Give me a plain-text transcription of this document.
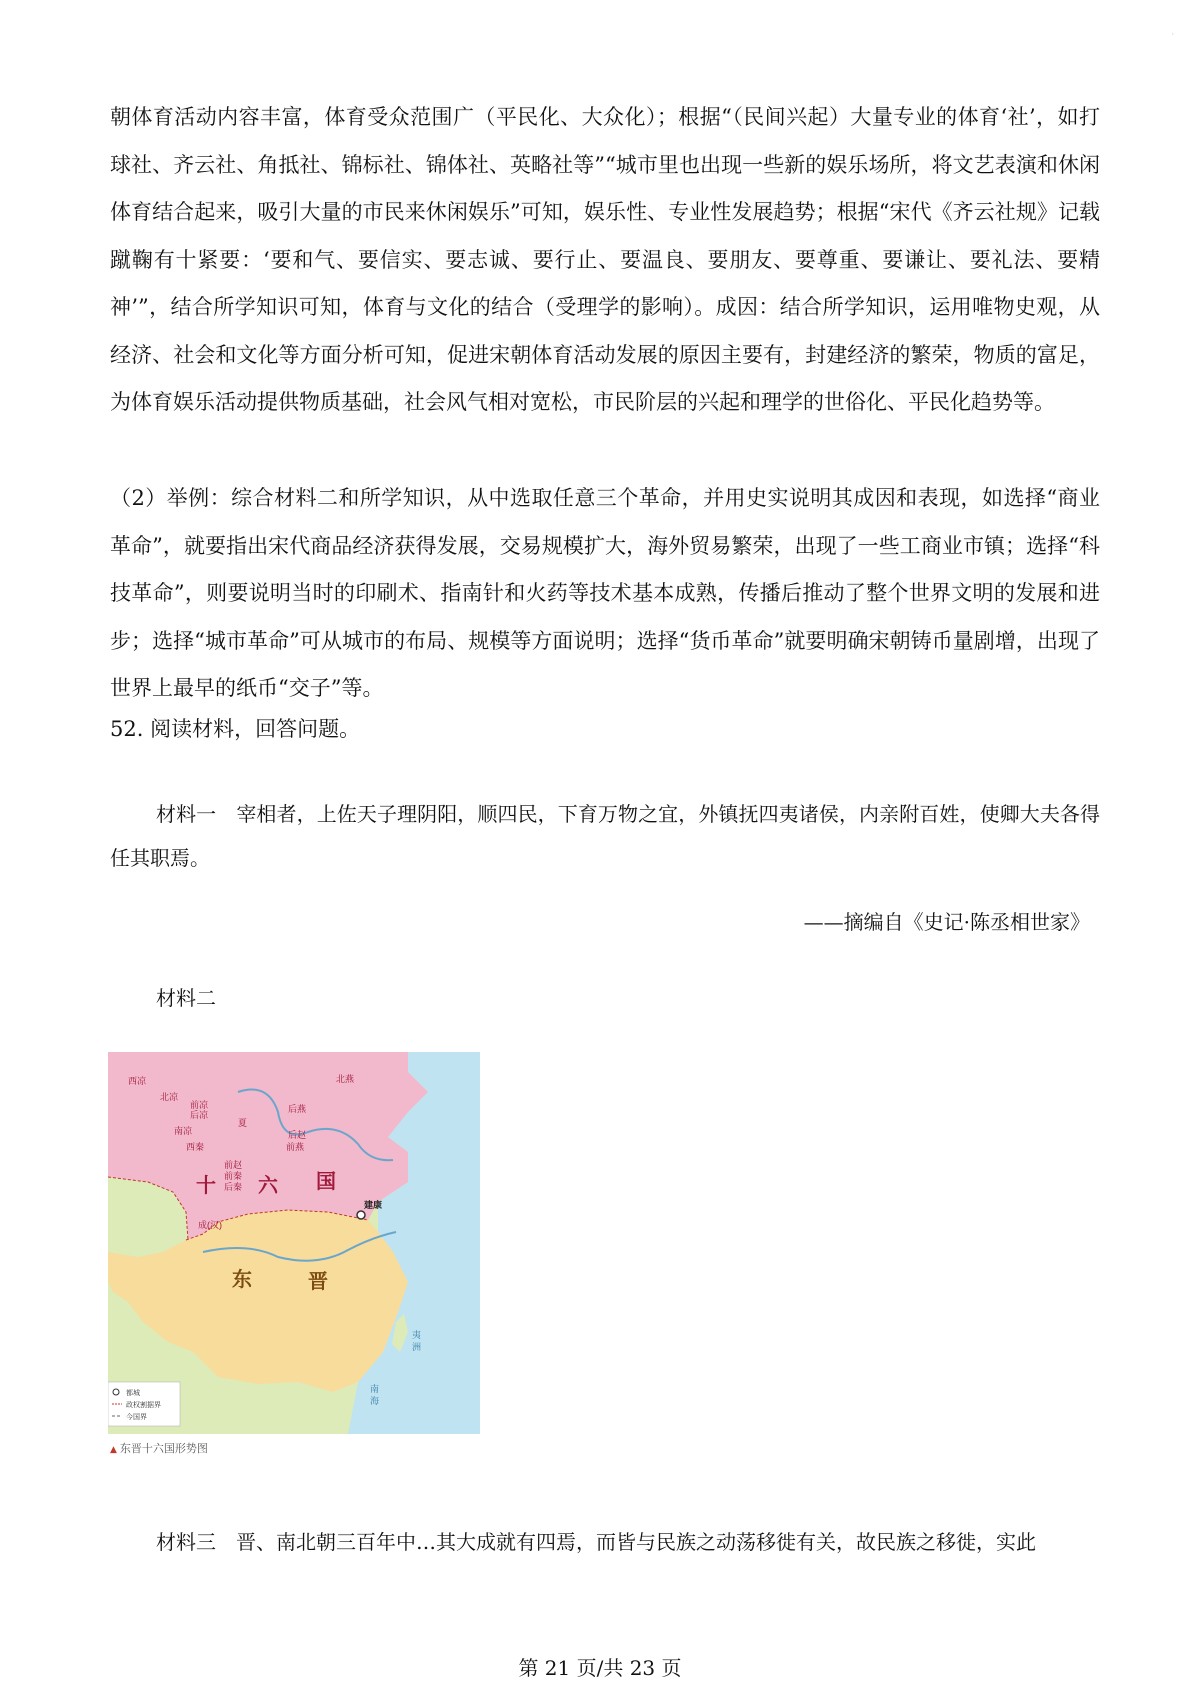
·

朝体育活动内容丰富，体育受众范围广（平民化、大众化）；根据“（民间兴起）大量专业的体育‘社’，如打球社、齐云社、角抵社、锦标社、锦体社、英略社等”“城市里也出现一些新的娱乐场所，将文艺表演和休闲体育结合起来，吸引大量的市民来休闲娱乐”可知，娱乐性、专业性发展趋势；根据“宋代《齐云社规》记载蹴鞠有十紧要：‘要和气、要信实、要志诚、要行止、要温良、要朋友、要尊重、要谦让、要礼法、要精神’”，结合所学知识可知，体育与文化的结合（受理学的影响）。成因：结合所学知识，运用唯物史观，从经济、社会和文化等方面分析可知，促进宋朝体育活动发展的原因主要有，封建经济的繁荣，物质的富足，为体育娱乐活动提供物质基础，社会风气相对宽松，市民阶层的兴起和理学的世俗化、平民化趋势等。

（2）举例：综合材料二和所学知识，从中选取任意三个革命，并用史实说明其成因和表现，如选择“商业革命”，就要指出宋代商品经济获得发展，交易规模扩大，海外贸易繁荣，出现了一些工商业市镇；选择“科技革命”，则要说明当时的印刷术、指南针和火药等技术基本成熟，传播后推动了整个世界文明的发展和进步；选择“城市革命”可从城市的布局、规模等方面说明；选择“货币革命”就要明确宋朝铸币量剧增，出现了世界上最早的纸币“交子”等。

52. 阅读材料，回答问题。

材料一　宰相者，上佐天子理阴阳，顺四民，下育万物之宜，外镇抚四夷诸侯，内亲附百姓，使卿大夫各得任其职焉。

——摘编自《史记·陈丞相世家》

材料二

西凉
北凉
前凉
后凉
南凉
西秦
夏
后燕
北燕
后赵
前燕
前赵
前秦
后秦
成(汉)
建康
十 六 国
东	晋
夷
洲
南
海
都城
政权割据界
今国界
▲ 东晋十六国形势图

材料三　晋、南北朝三百年中…其大成就有四焉，而皆与民族之动荡移徙有关，故民族之移徙，实此

第 21 页/共 23 页
